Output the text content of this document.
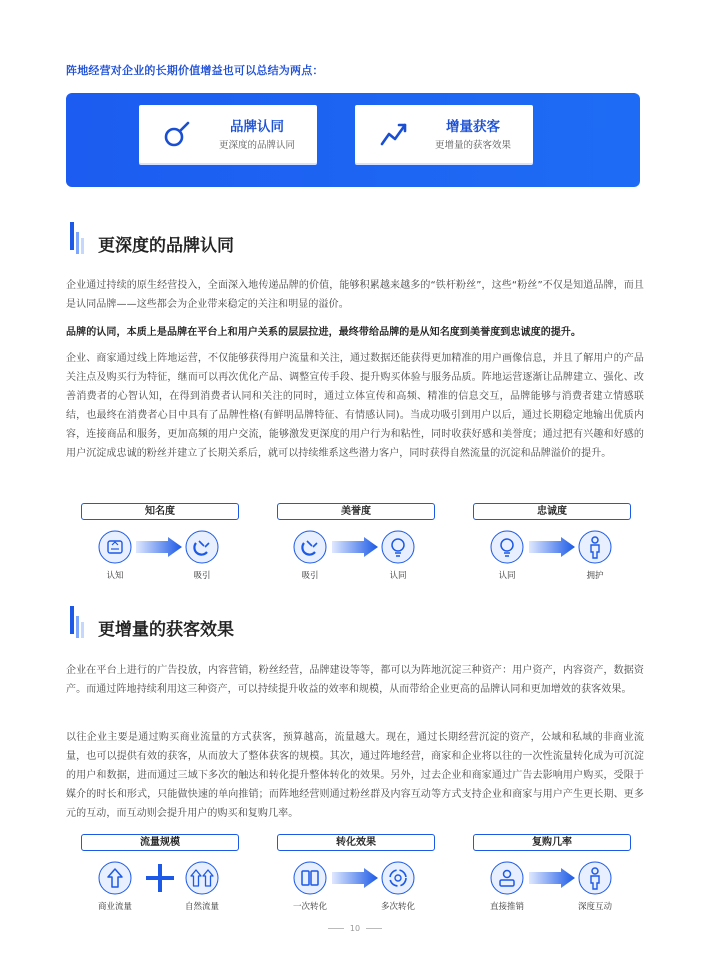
阵地经营对企业的长期价值增益也可以总结为两点：
品牌认同
更深度的品牌认同
增量获客
更增量的获客效果
更深度的品牌认同
企业通过持续的原生经营投入，全面深入地传递品牌的价值，能够积累越来越多的“铁杆粉丝”，这些“粉丝”不仅是知道品牌，而且是认同品牌——这些都会为企业带来稳定的关注和明显的溢价。
品牌的认同，本质上是品牌在平台上和用户关系的层层拉进，最终带给品牌的是从知名度到美誉度到忠诚度的提升。
企业、商家通过线上阵地运营，不仅能够获得用户流量和关注，通过数据还能获得更加精准的用户画像信息，并且了解用户的产品关注点及购买行为特征，继而可以再次优化产品、调整宣传手段、提升购买体验与服务品质。阵地运营逐渐让品牌建立、强化、改善消费者的心智认知，在得到消费者认同和关注的同时，通过立体宣传和高频、精准的信息交互，品牌能够与消费者建立情感联结，也最终在消费者心目中具有了品牌性格(有鲜明品牌特征、有情感认同)。当成功吸引到用户以后，通过长期稳定地输出优质内容，连接商品和服务，更加高频的用户交流，能够激发更深度的用户行为和粘性，同时收获好感和美誉度；通过把有兴趣和好感的用户沉淀成忠诚的粉丝并建立了长期关系后，就可以持续维系这些潜力客户，同时获得自然流量的沉淀和品牌溢价的提升。
知名度	美誉度	忠诚度
认知	吸引	吸引	认同	认同	拥护
更增量的获客效果
企业在平台上进行的广告投放，内容营销，粉丝经营，品牌建设等等，都可以为阵地沉淀三种资产：用户资产，内容资产，数据资产。而通过阵地持续利用这三种资产，可以持续提升收益的效率和规模，从而带给企业更高的品牌认同和更加增效的获客效果。
以往企业主要是通过购买商业流量的方式获客，预算越高，流量越大。现在，通过长期经营沉淀的资产，公域和私域的非商业流量，也可以提供有效的获客，从而放大了整体获客的规模。其次，通过阵地经营，商家和企业将以往的一次性流量转化成为可沉淀的用户和数据，进而通过三域下多次的触达和转化提升整体转化的效果。另外，过去企业和商家通过广告去影响用户购买，受限于媒介的时长和形式，只能做快速的单向推销；而阵地经营则通过粉丝群及内容互动等方式支持企业和商家与用户产生更长期、更多元的互动，而互动则会提升用户的购买和复购几率。
流量规模	转化效果	复购几率
商业流量	自然流量	一次转化	多次转化	直接推销	深度互动
10
